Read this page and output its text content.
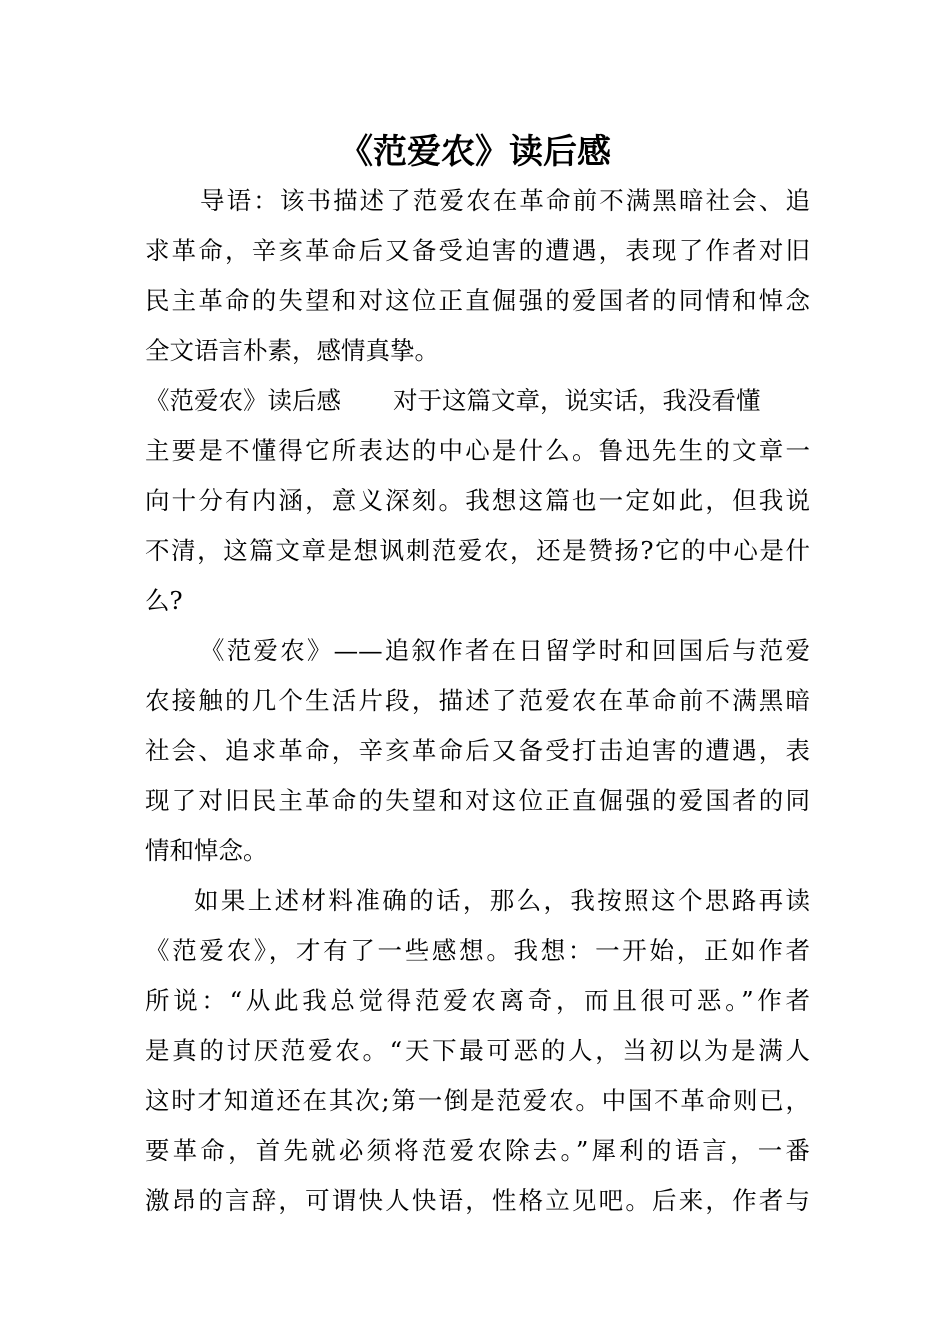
《范爱农》读后感
导语：该书描述了范爱农在革命前不满黑暗社会、追
求革命，辛亥革命后又备受迫害的遭遇，表现了作者对旧
民主革命的失望和对这位正直倔强的爱国者的同情和悼念
全文语言朴素，感情真挚。
《范爱农》读后感 对于这篇文章，说实话，我没看懂
主要是不懂得它所表达的中心是什么。鲁迅先生的文章一
向十分有内涵，意义深刻。我想这篇也一定如此，但我说
不清，这篇文章是想讽刺范爱农，还是赞扬?它的中心是什
么?
《范爱农》——追叙作者在日留学时和回国后与范爱
农接触的几个生活片段，描述了范爱农在革命前不满黑暗
社会、追求革命，辛亥革命后又备受打击迫害的遭遇，表
现了对旧民主革命的失望和对这位正直倔强的爱国者的同
情和悼念。
如果上述材料准确的话，那么，我按照这个思路再读
《范爱农》，才有了一些感想。我想：一开始，正如作者
所说：“从此我总觉得范爱农离奇，而且很可恶。”作者
是真的讨厌范爱农。“天下最可恶的人，当初以为是满人
这时才知道还在其次;第一倒是范爱农。中国不革命则已，
要革命，首先就必须将范爱农除去。”犀利的语言，一番
激昂的言辞，可谓快人快语，性格立见吧。后来，作者与
